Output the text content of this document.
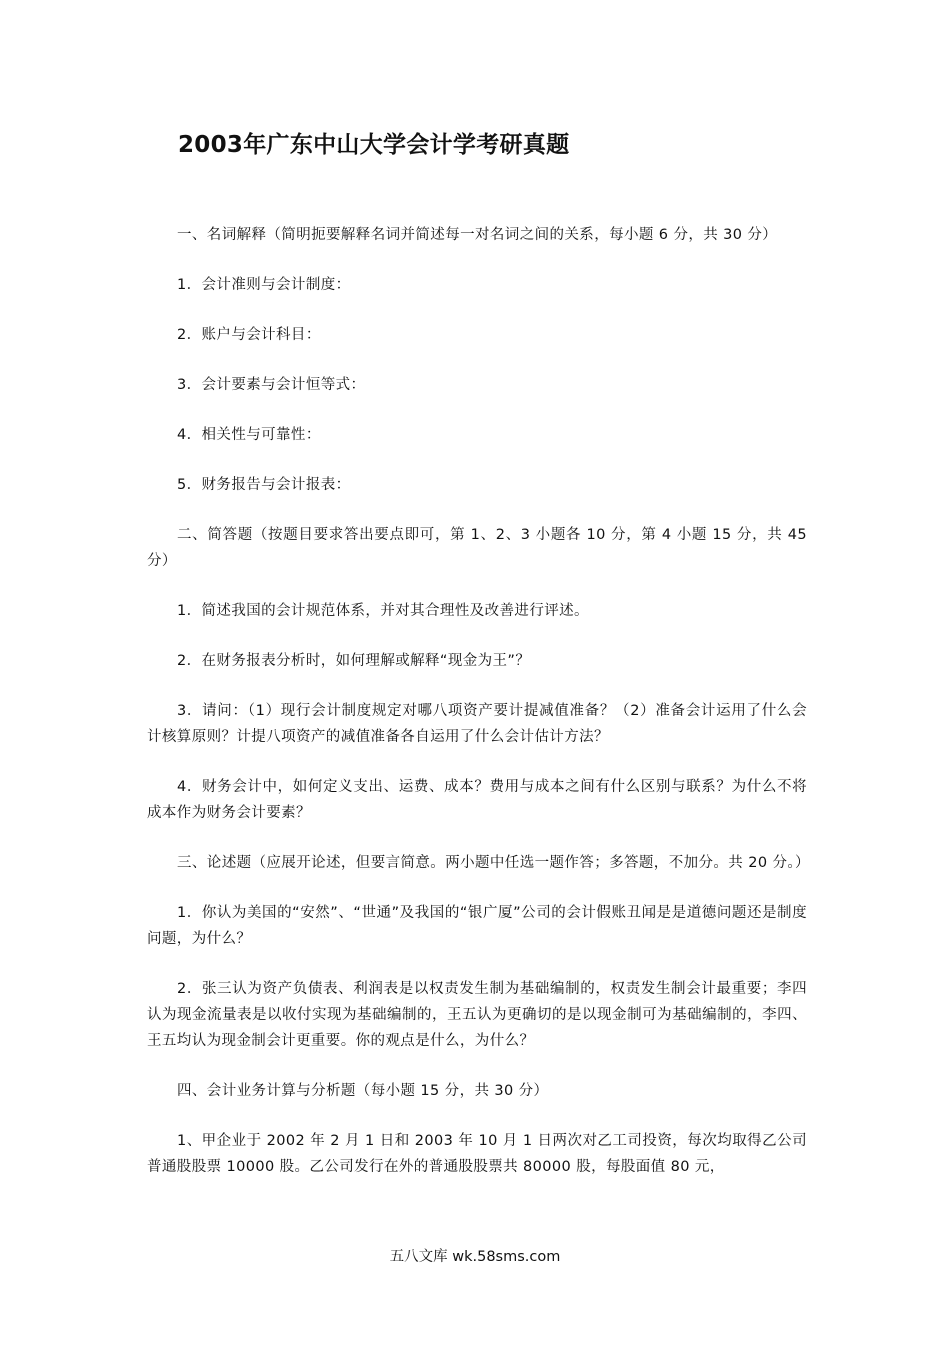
2003年广东中山大学会计学考研真题

一、名词解释（简明扼要解释名词并简述每一对名词之间的关系，每小题 6 分，共 30 分）

1．会计准则与会计制度：

2．账户与会计科目：

3．会计要素与会计恒等式：

4．相关性与可靠性：

5．财务报告与会计报表：

二、简答题（按题目要求答出要点即可，第 1、2、3 小题各 10 分，第 4 小题 15 分，共 45 分）

1．简述我国的会计规范体系，并对其合理性及改善进行评述。

2．在财务报表分析时，如何理解或解释“现金为王”？

3．请问：（1）现行会计制度规定对哪八项资产要计提减值准备？（2）准备会计运用了什么会计核算原则？计提八项资产的减值准备各自运用了什么会计估计方法？

4．财务会计中，如何定义支出、运费、成本？费用与成本之间有什么区别与联系？为什么不将成本作为财务会计要素？

三、论述题（应展开论述，但要言简意。两小题中任选一题作答；多答题，不加分。共 20 分。）

1．你认为美国的“安然”、“世通”及我国的“银广厦”公司的会计假账丑闻是是道德问题还是制度问题，为什么？

2．张三认为资产负债表、利润表是以权责发生制为基础编制的，权责发生制会计最重要；李四认为现金流量表是以收付实现为基础编制的，王五认为更确切的是以现金制可为基础编制的，李四、王五均认为现金制会计更重要。你的观点是什么，为什么？

四、会计业务计算与分析题（每小题 15 分，共 30 分）

1、甲企业于 2002 年 2 月 1 日和 2003 年 10 月 1 日两次对乙工司投资，每次均取得乙公司普通股股票 10000 股。乙公司发行在外的普通股股票共 80000 股，每股面值 80 元，

五八文库 wk.58sms.com
